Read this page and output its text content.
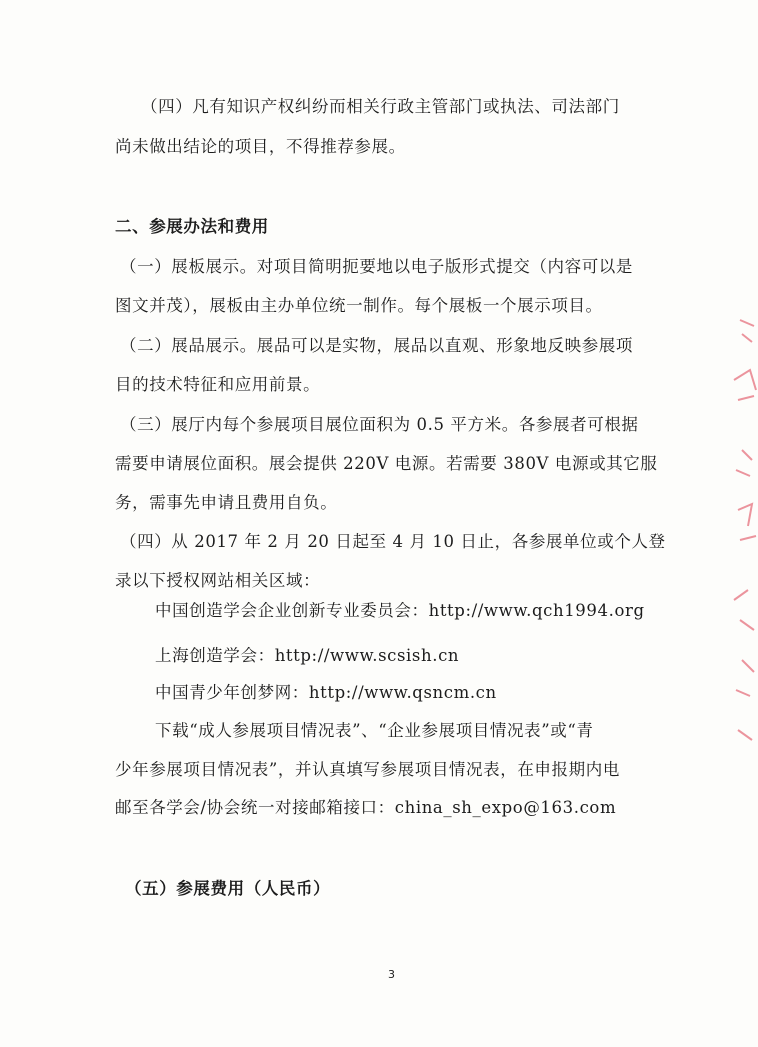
（四）凡有知识产权纠纷而相关行政主管部门或执法、司法部门
尚未做出结论的项目，不得推荐参展。
二、参展办法和费用
（一）展板展示。对项目简明扼要地以电子版形式提交（内容可以是
图文并茂），展板由主办单位统一制作。每个展板一个展示项目。
（二）展品展示。展品可以是实物，展品以直观、形象地反映参展项
目的技术特征和应用前景。
（三）展厅内每个参展项目展位面积为 0.5 平方米。各参展者可根据
需要申请展位面积。展会提供 220V 电源。若需要 380V 电源或其它服
务，需事先申请且费用自负。
（四）从 2017 年 2 月 20 日起至 4 月 10 日止，各参展单位或个人登
录以下授权网站相关区域：
中国创造学会企业创新专业委员会：http://www.qch1994.org
上海创造学会：http://www.scsish.cn
中国青少年创梦网：http://www.qsncm.cn
下载“成人参展项目情况表”、“企业参展项目情况表”或“青
少年参展项目情况表”，并认真填写参展项目情况表，在申报期内电
邮至各学会/协会统一对接邮箱接口：china_sh_expo@163.com
（五）参展费用（人民币）
3
